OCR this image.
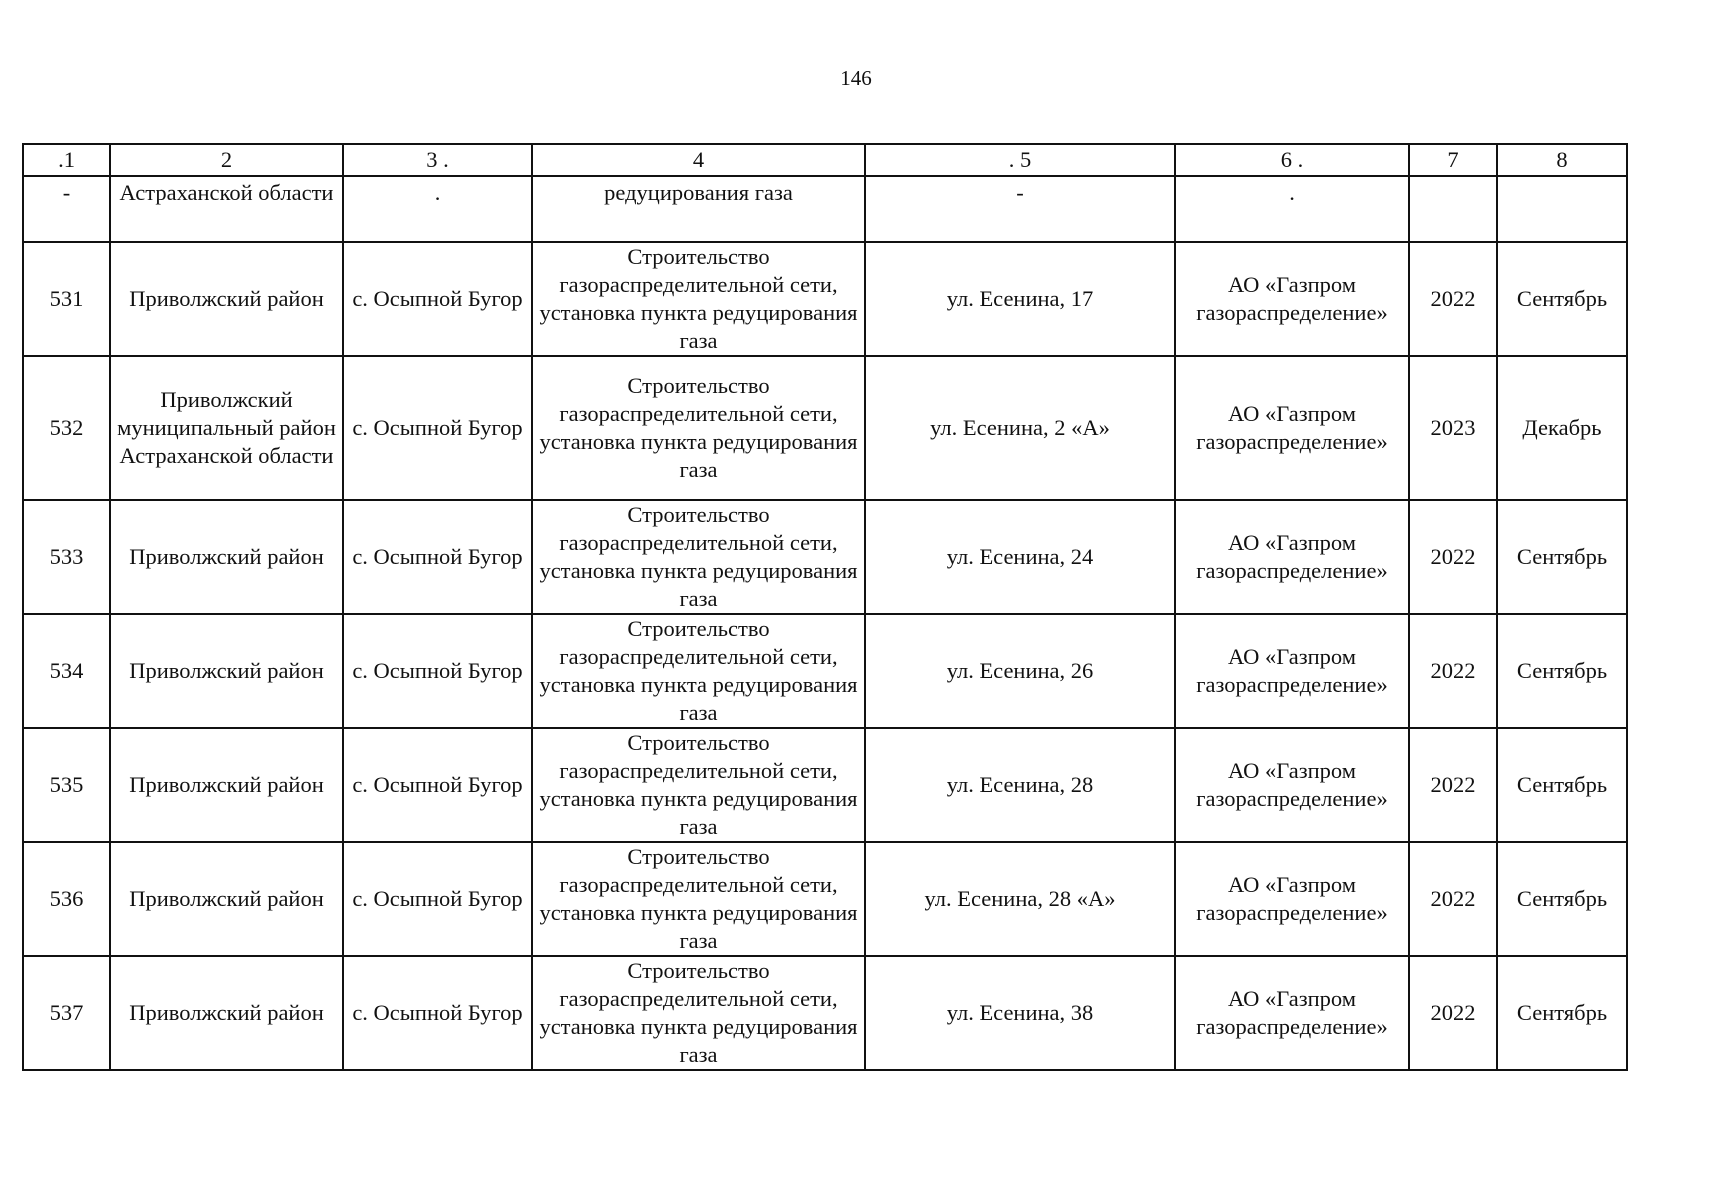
146
.1	2	3 .	4	. 5	6 .	7	8
-	Астраханской области	.	редуцирования газа	-	.		
531	Приволжский район	с. Осыпной Бугор	Строительство газораспределительной сети, установка пункта редуцирования газа	ул. Есенина, 17	АО «Газпром газораспределение»	2022	Сентябрь
532	Приволжский муниципальный район Астраханской области	с. Осыпной Бугор	Строительство газораспределительной сети, установка пункта редуцирования газа	ул. Есенина, 2 «А»	АО «Газпром газораспределение»	2023	Декабрь
533	Приволжский район	с. Осыпной Бугор	Строительство газораспределительной сети, установка пункта редуцирования газа	ул. Есенина, 24	АО «Газпром газораспределение»	2022	Сентябрь
534	Приволжский район	с. Осыпной Бугор	Строительство газораспределительной сети, установка пункта редуцирования газа	ул. Есенина, 26	АО «Газпром газораспределение»	2022	Сентябрь
535	Приволжский район	с. Осыпной Бугор	Строительство газораспределительной сети, установка пункта редуцирования газа	ул. Есенина, 28	АО «Газпром газораспределение»	2022	Сентябрь
536	Приволжский район	с. Осыпной Бугор	Строительство газораспределительной сети, установка пункта редуцирования газа	ул. Есенина, 28 «А»	АО «Газпром газораспределение»	2022	Сентябрь
537	Приволжский район	с. Осыпной Бугор	Строительство газораспределительной сети, установка пункта редуцирования газа	ул. Есенина, 38	АО «Газпром газораспределение»	2022	Сентябрь
